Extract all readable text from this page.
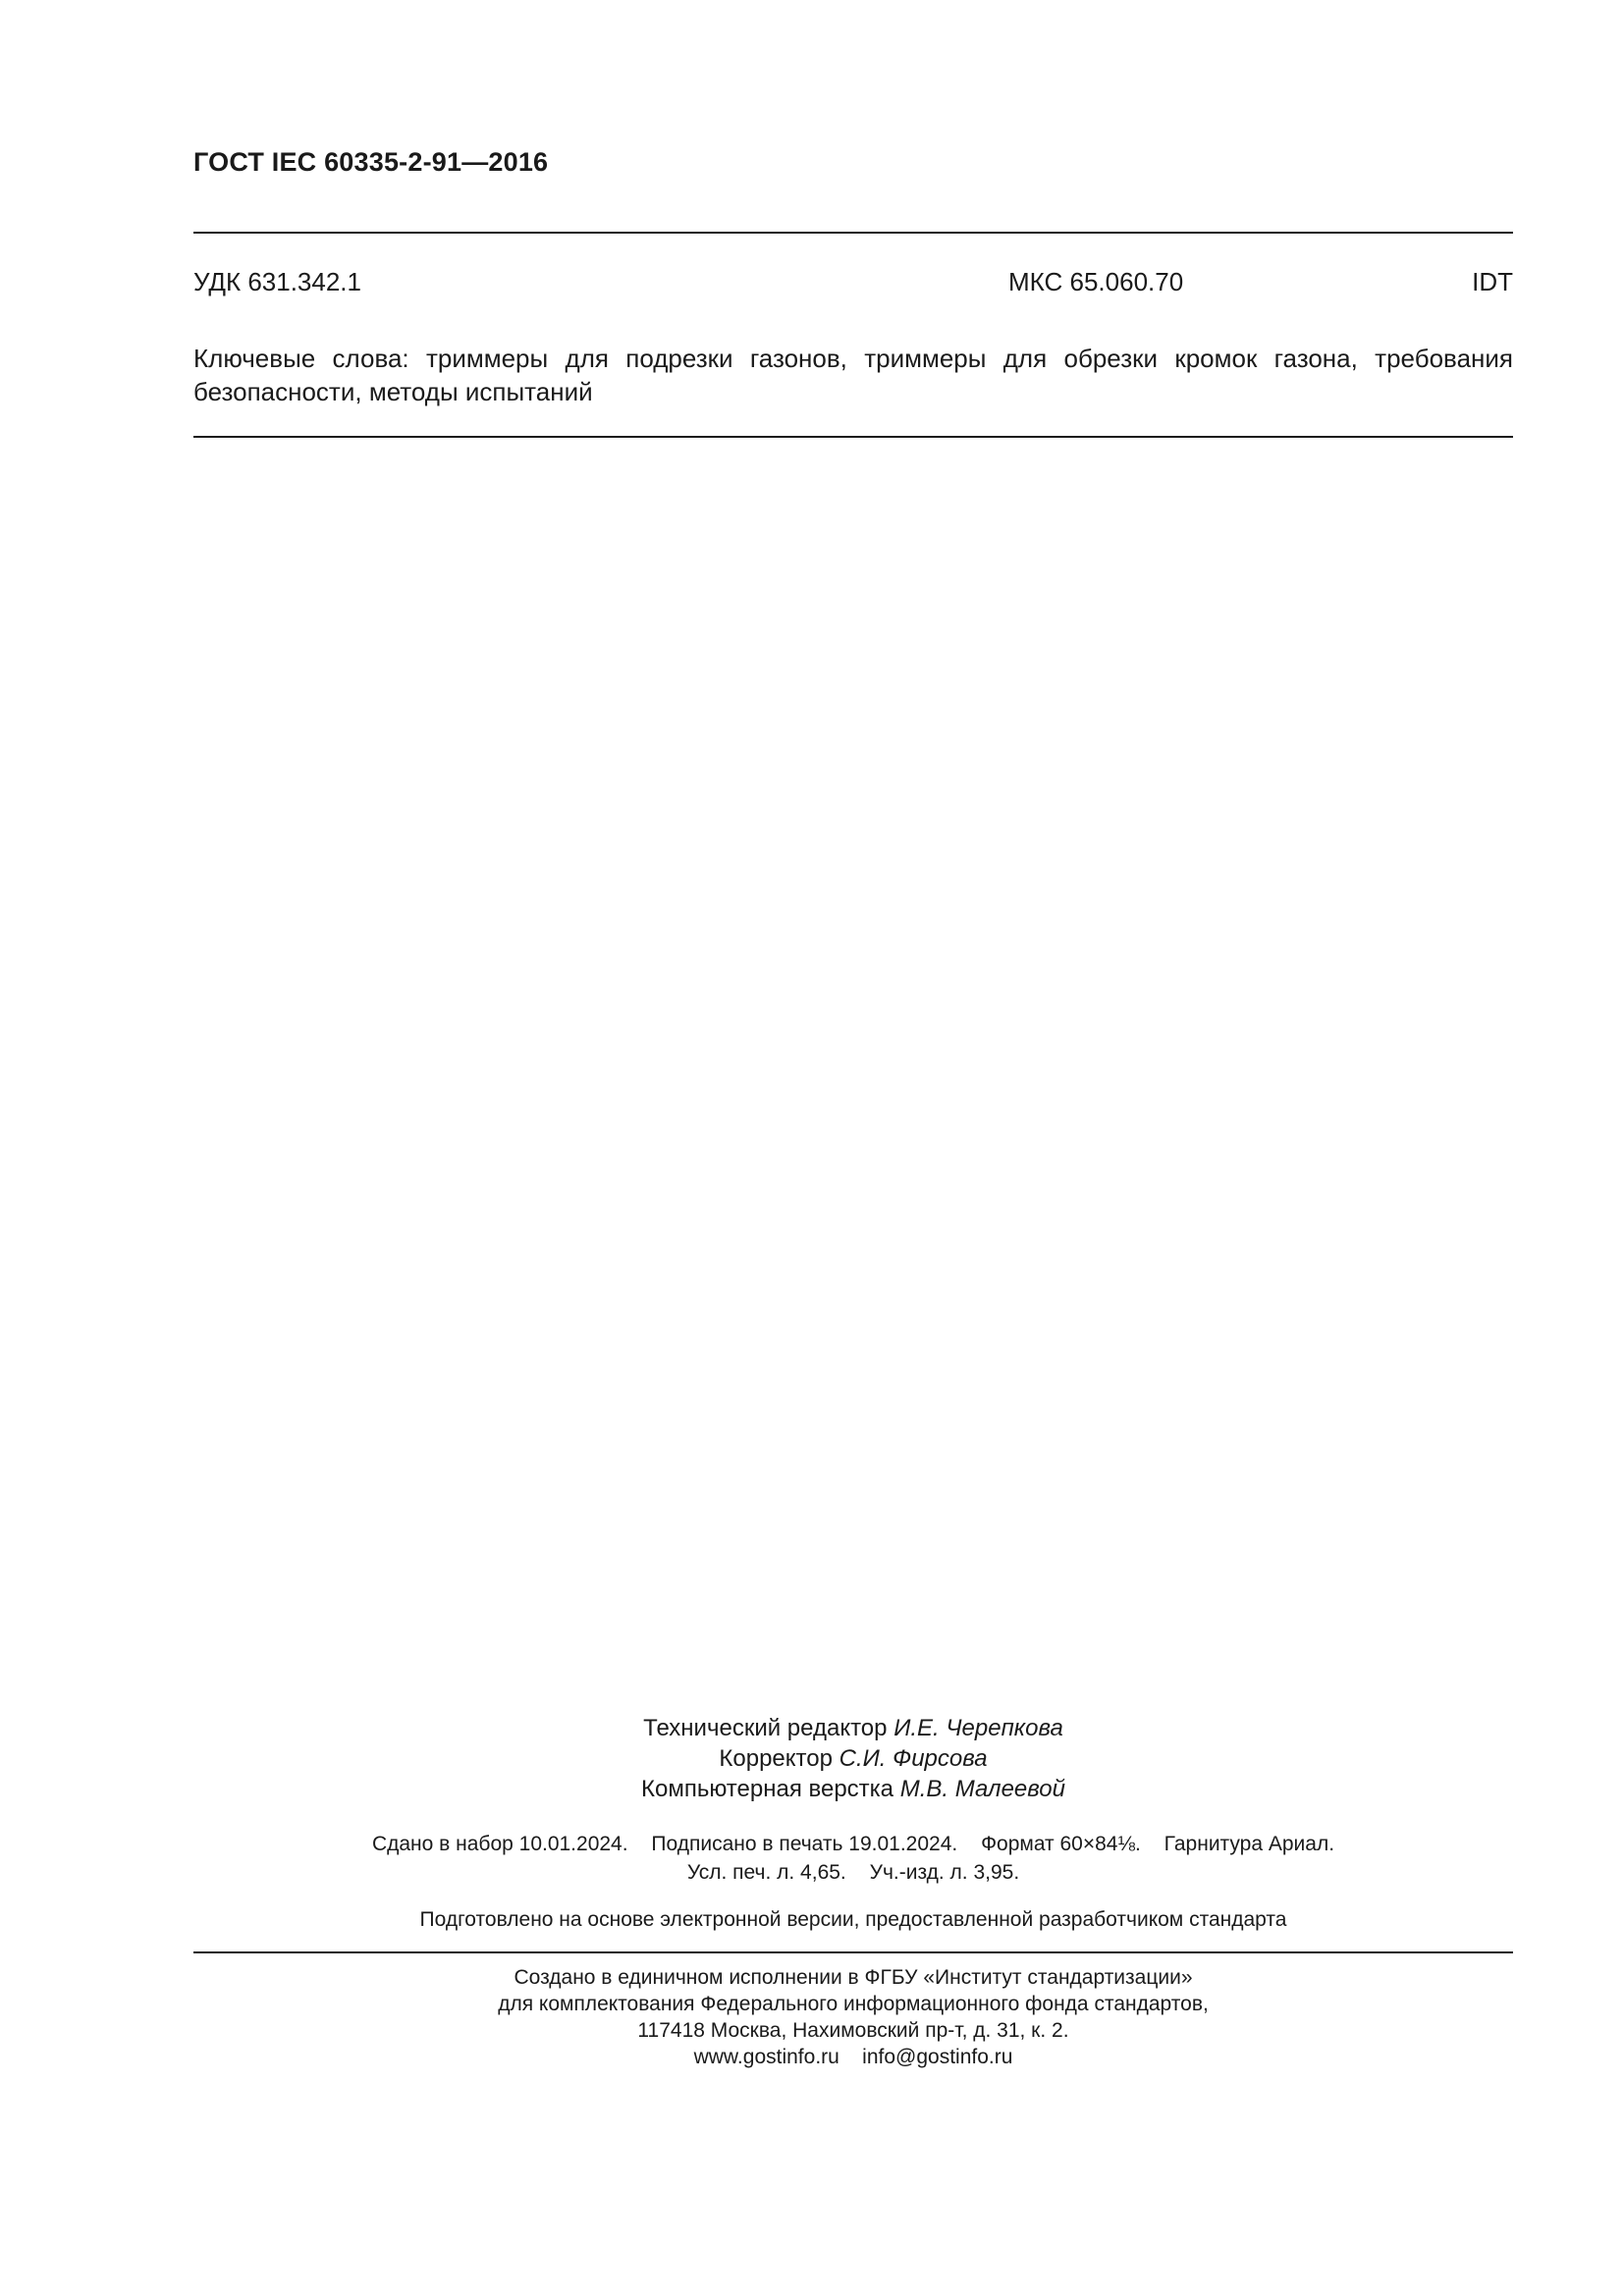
ГОСТ IEC 60335-2-91—2016
УДК 631.342.1	МКС 65.060.70	IDT
Ключевые слова: триммеры для подрезки газонов, триммеры для обрезки кромок газона, требования безопасности, методы испытаний
Технический редактор И.Е. Черепкова
Корректор С.И. Фирсова
Компьютерная верстка М.В. Малеевой
Сдано в набор 10.01.2024. Подписано в печать 19.01.2024. Формат 60×84⅛. Гарнитура Ариал.
Усл. печ. л. 4,65. Уч.-изд. л. 3,95.
Подготовлено на основе электронной версии, предоставленной разработчиком стандарта
Создано в единичном исполнении в ФГБУ «Институт стандартизации»
для комплектования Федерального информационного фонда стандартов,
117418 Москва, Нахимовский пр-т, д. 31, к. 2.
www.gostinfo.ru info@gostinfo.ru
